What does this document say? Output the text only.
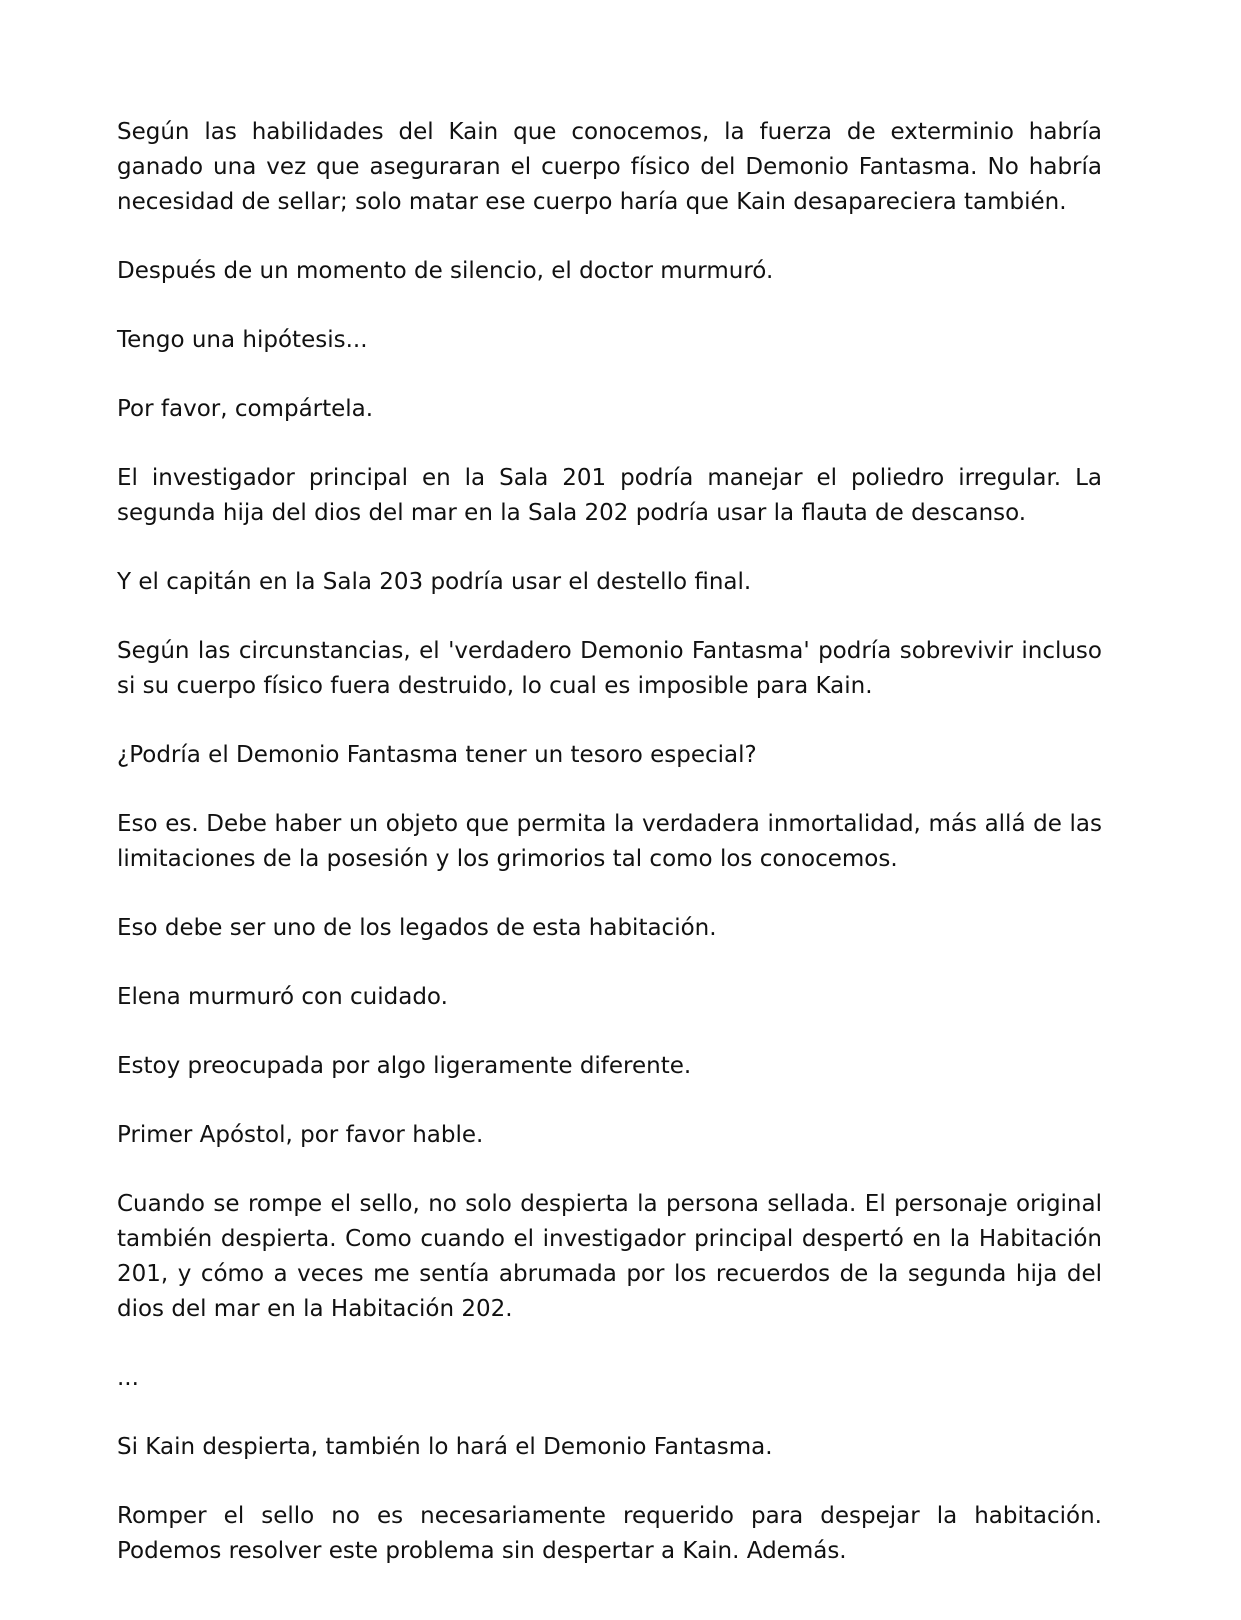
Según las habilidades del Kain que conocemos, la fuerza de exterminio habría ganado una vez que aseguraran el cuerpo físico del Demonio Fantasma. No habría necesidad de sellar; solo matar ese cuerpo haría que Kain desapareciera también.

Después de un momento de silencio, el doctor murmuró.

Tengo una hipótesis...

Por favor, compártela.

El investigador principal en la Sala 201 podría manejar el poliedro irregular. La segunda hija del dios del mar en la Sala 202 podría usar la flauta de descanso.

Y el capitán en la Sala 203 podría usar el destello final.

Según las circunstancias, el 'verdadero Demonio Fantasma' podría sobrevivir incluso si su cuerpo físico fuera destruido, lo cual es imposible para Kain.

¿Podría el Demonio Fantasma tener un tesoro especial?

Eso es. Debe haber un objeto que permita la verdadera inmortalidad, más allá de las limitaciones de la posesión y los grimorios tal como los conocemos.

Eso debe ser uno de los legados de esta habitación.

Elena murmuró con cuidado.

Estoy preocupada por algo ligeramente diferente.

Primer Apóstol, por favor hable.

Cuando se rompe el sello, no solo despierta la persona sellada. El personaje original también despierta. Como cuando el investigador principal despertó en la Habitación 201, y cómo a veces me sentía abrumada por los recuerdos de la segunda hija del dios del mar en la Habitación 202.

...

Si Kain despierta, también lo hará el Demonio Fantasma.

Romper el sello no es necesariamente requerido para despejar la habitación. Podemos resolver este problema sin despertar a Kain. Además.
